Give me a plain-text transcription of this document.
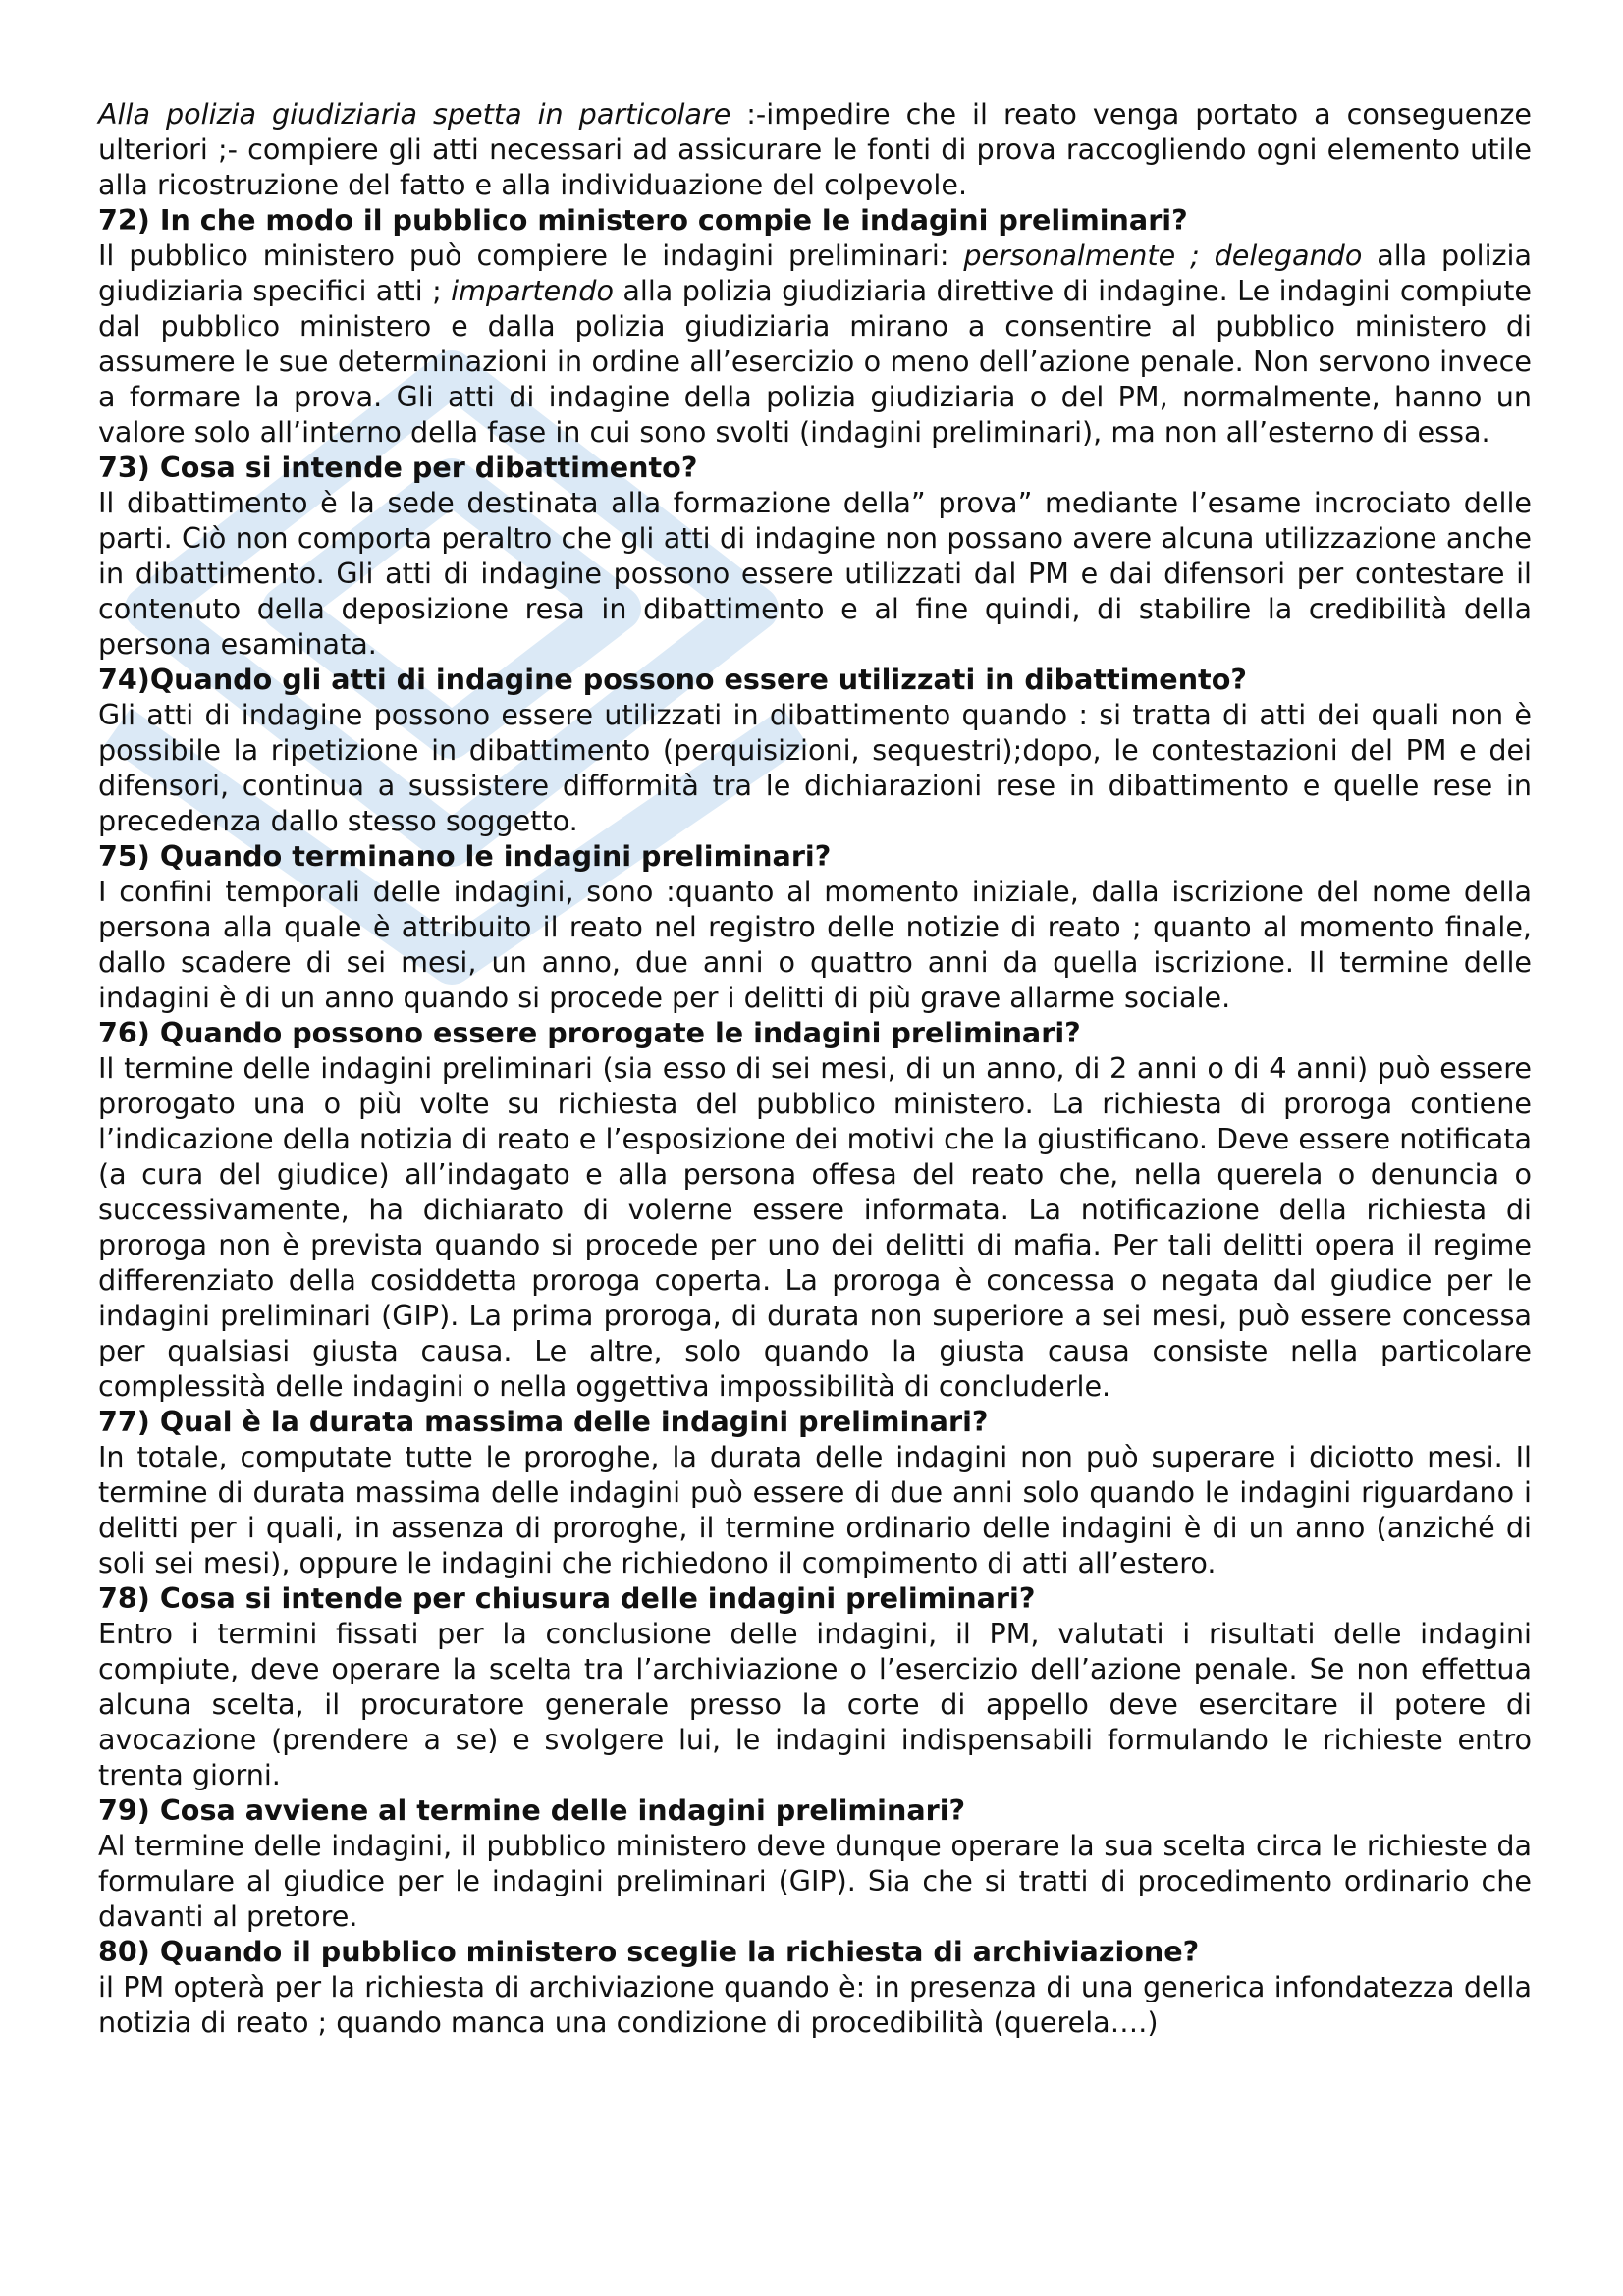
Alla polizia giudiziaria spetta in particolare :-impedire che il reato venga portato a conseguenze ulteriori ;- compiere gli atti necessari ad assicurare le fonti di prova raccogliendo ogni elemento utile alla ricostruzione del fatto e alla individuazione del colpevole.

72) In che modo il pubblico ministero compie le indagini preliminari?

Il pubblico ministero può compiere le indagini preliminari: personalmente ; delegando alla polizia giudiziaria specifici atti ; impartendo alla polizia giudiziaria direttive di indagine. Le indagini compiute dal pubblico ministero e dalla polizia giudiziaria mirano a consentire al pubblico ministero di assumere le sue determinazioni in ordine all’esercizio o meno dell’azione penale. Non servono invece a formare la prova. Gli atti di indagine della polizia giudiziaria o del PM, normalmente, hanno un valore solo all’interno della fase in cui sono svolti (indagini preliminari), ma non all’esterno di essa.

73) Cosa si intende per dibattimento?

Il dibattimento è la sede destinata alla formazione della” prova” mediante l’esame incrociato delle parti. Ciò non comporta peraltro che gli atti di indagine non possano avere alcuna utilizzazione anche in dibattimento. Gli atti di indagine possono essere utilizzati dal PM e dai difensori per contestare il contenuto della deposizione resa in dibattimento e al fine quindi, di stabilire la credibilità della persona esaminata.

74)Quando gli atti di indagine possono essere utilizzati in dibattimento?

Gli atti di indagine possono essere utilizzati in dibattimento quando : si tratta di atti dei quali non è possibile la ripetizione in dibattimento (perquisizioni, sequestri);dopo, le contestazioni del PM e dei difensori, continua a sussistere difformità tra le dichiarazioni rese in dibattimento e quelle rese in precedenza dallo stesso soggetto.

75) Quando terminano le indagini preliminari?

I confini temporali delle indagini, sono :quanto al momento iniziale, dalla iscrizione del nome della persona alla quale è attribuito il reato nel registro delle notizie di reato ; quanto al momento finale, dallo scadere di sei mesi, un anno, due anni o quattro anni da quella iscrizione. Il termine delle indagini è di un anno quando si procede per i delitti di più grave allarme sociale.

76) Quando possono essere prorogate le indagini preliminari?

Il termine delle indagini preliminari (sia esso di sei mesi, di un anno, di 2 anni o di 4 anni) può essere prorogato una o più volte su richiesta del pubblico ministero. La richiesta di proroga contiene l’indicazione della notizia di reato e l’esposizione dei motivi che la giustificano. Deve essere notificata (a cura del giudice) all’indagato e alla persona offesa del reato che, nella querela o denuncia o successivamente, ha dichiarato di volerne essere informata. La notificazione della richiesta di proroga non è prevista quando si procede per uno dei delitti di mafia. Per tali delitti opera il regime differenziato della cosiddetta proroga coperta. La proroga è concessa o negata dal giudice per le indagini preliminari (GIP). La prima proroga, di durata non superiore a sei mesi, può essere concessa per qualsiasi giusta causa. Le altre, solo quando la giusta causa consiste nella particolare complessità delle indagini o nella oggettiva impossibilità di concluderle.

77) Qual è la durata massima delle indagini preliminari?

In totale, computate tutte le proroghe, la durata delle indagini non può superare i diciotto mesi. Il termine di durata massima delle indagini può essere di due anni solo quando le indagini riguardano i delitti per i quali, in assenza di proroghe, il termine ordinario delle indagini è di un anno (anziché di soli sei mesi), oppure le indagini che richiedono il compimento di atti all’estero.

78) Cosa si intende per chiusura delle indagini preliminari?

Entro i termini fissati per la conclusione delle indagini, il PM, valutati i risultati delle indagini compiute, deve operare la scelta tra l’archiviazione o l’esercizio dell’azione penale. Se non effettua alcuna scelta, il procuratore generale presso la corte di appello deve esercitare il potere di avocazione (prendere a se) e svolgere lui, le indagini indispensabili formulando le richieste entro trenta giorni.

79) Cosa avviene al termine delle indagini preliminari?

Al termine delle indagini, il pubblico ministero deve dunque operare la sua scelta circa le richieste da formulare al giudice per le indagini preliminari (GIP). Sia che si tratti di procedimento ordinario che davanti al pretore.

80) Quando il pubblico ministero sceglie la richiesta di archiviazione?

il PM opterà per la richiesta di archiviazione quando è: in presenza di una generica infondatezza della notizia di reato ; quando manca una condizione di procedibilità (querela….)
